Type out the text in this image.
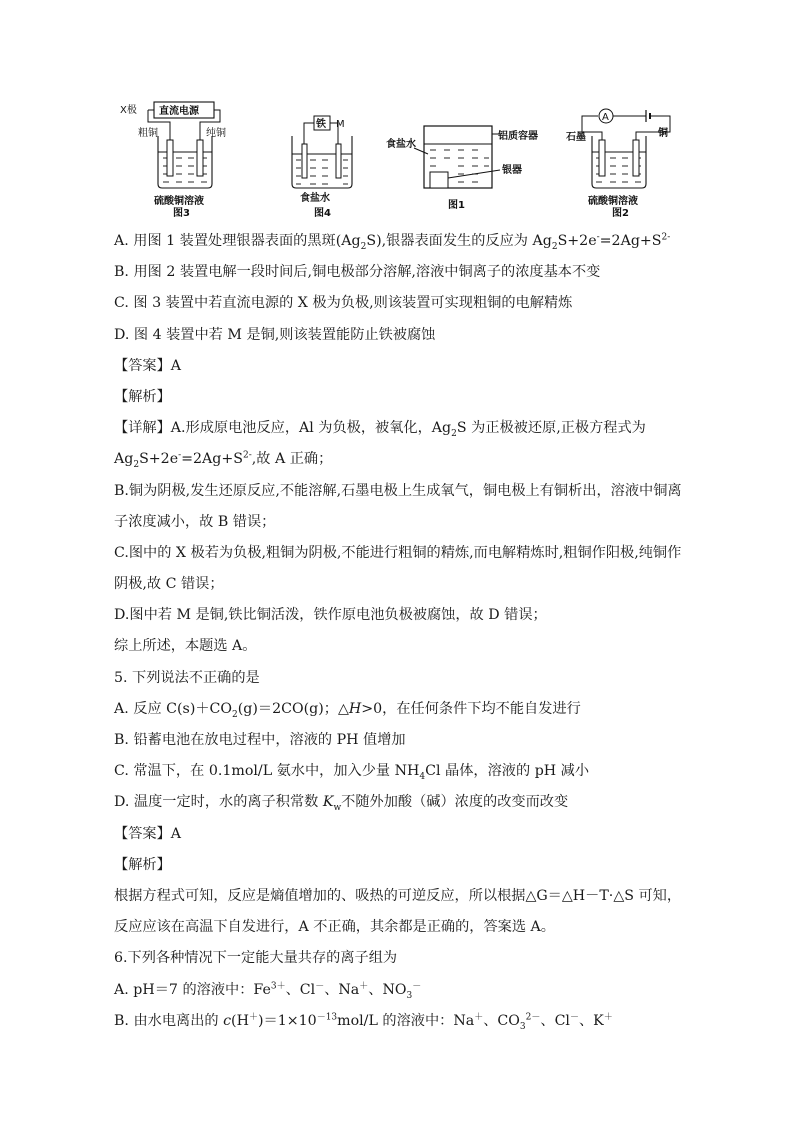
X极 直流电源
粗铜	纯铜
硫酸铜溶液
图3
铁 M
食盐水
图4
食盐水
铝质容器
银器
图1
A
石墨	铜
硫酸铜溶液
图2
A. 用图 1 装置处理银器表面的黑斑$(Ag_2S)$,银器表面发生的反应为 $Ag_2S+2e^-=2Ag+S^{2-}$
B. 用图 2 装置电解一段时间后,铜电极部分溶解,溶液中铜离子的浓度基本不变
C. 图 3 装置中若直流电源的 X 极为负极,则该装置可实现粗铜的电解精炼
D. 图 4 装置中若 M 是铜,则该装置能防止铁被腐蚀
【答案】A
【解析】
【详解】A.形成原电池反应，Al 为负极，被氧化，$Ag_2S$ 为正极被还原,正极方程式为
$Ag_2S+2e^-=2Ag+S^{2-}$,故 A 正确；
B.铜为阴极,发生还原反应,不能溶解,石墨电极上生成氧气，铜电极上有铜析出，溶液中铜离
子浓度减小，故 B 错误；
C.图中的 X 极若为负极,粗铜为阴极,不能进行粗铜的精炼,而电解精炼时,粗铜作阳极,纯铜作
阴极,故 C 错误；
D.图中若 M 是铜,铁比铜活泼，铁作原电池负极被腐蚀，故 D 错误；
综上所述，本题选 A。
5. 下列说法不正确的是
A. 反应 $C(s)+CO_2(g)=2CO(g)$；△H>0，在任何条件下均不能自发进行
B. 铅蓄电池在放电过程中，溶液的 PH 值增加
C. 常温下，在 0.1mol/L 氨水中，加入少量 $NH_4Cl$ 晶体，溶液的 pH 减小
D. 温度一定时，水的离子积常数 $K_w$不随外加酸（碱）浓度的改变而改变
【答案】A
【解析】
根据方程式可知，反应是熵值增加的、吸热的可逆反应，所以根据△G＝△H－T·△S 可知，
反应应该在高温下自发进行，A 不正确，其余都是正确的，答案选 A。
6.下列各种情况下一定能大量共存的离子组为
A. pH＝7 的溶液中：$Fe^{3+}$、Cl－、Na＋、$NO_3^-$
B. 由水电离出的 $c(H^+)=1\times 10^{-13}mol/L$ 的溶液中：Na＋、$CO_3^{2-}$、Cl－、K＋
